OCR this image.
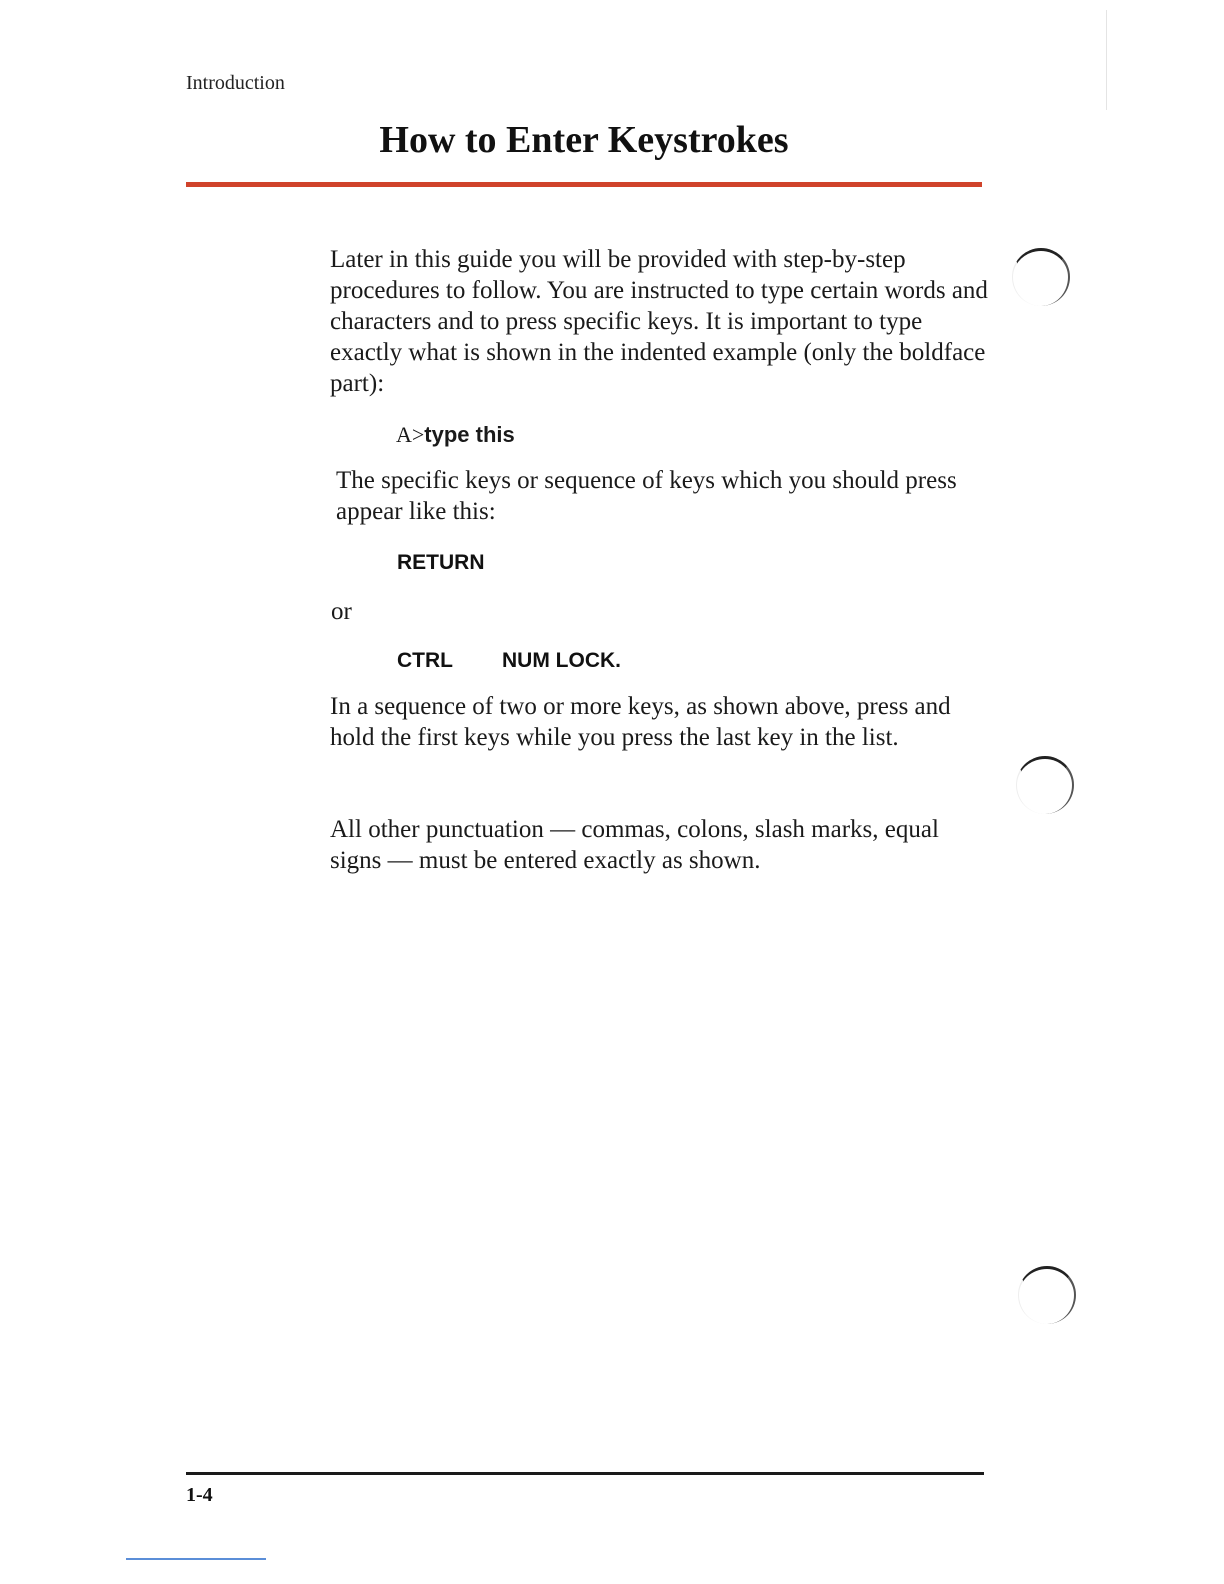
Introduction
How to Enter Keystrokes

Later in this guide you will be provided with step-by-step procedures to follow. You are instructed to type certain words and characters and to press specific keys. It is important to type exactly what is shown in the indented example (only the boldface part):

A>type this

The specific keys or sequence of keys which you should press appear like this:

RETURN
or
CTRL NUM LOCK.

In a sequence of two or more keys, as shown above, press and hold the first keys while you press the last key in the list.

All other punctuation — commas, colons, slash marks, equal signs — must be entered exactly as shown.

1-4
